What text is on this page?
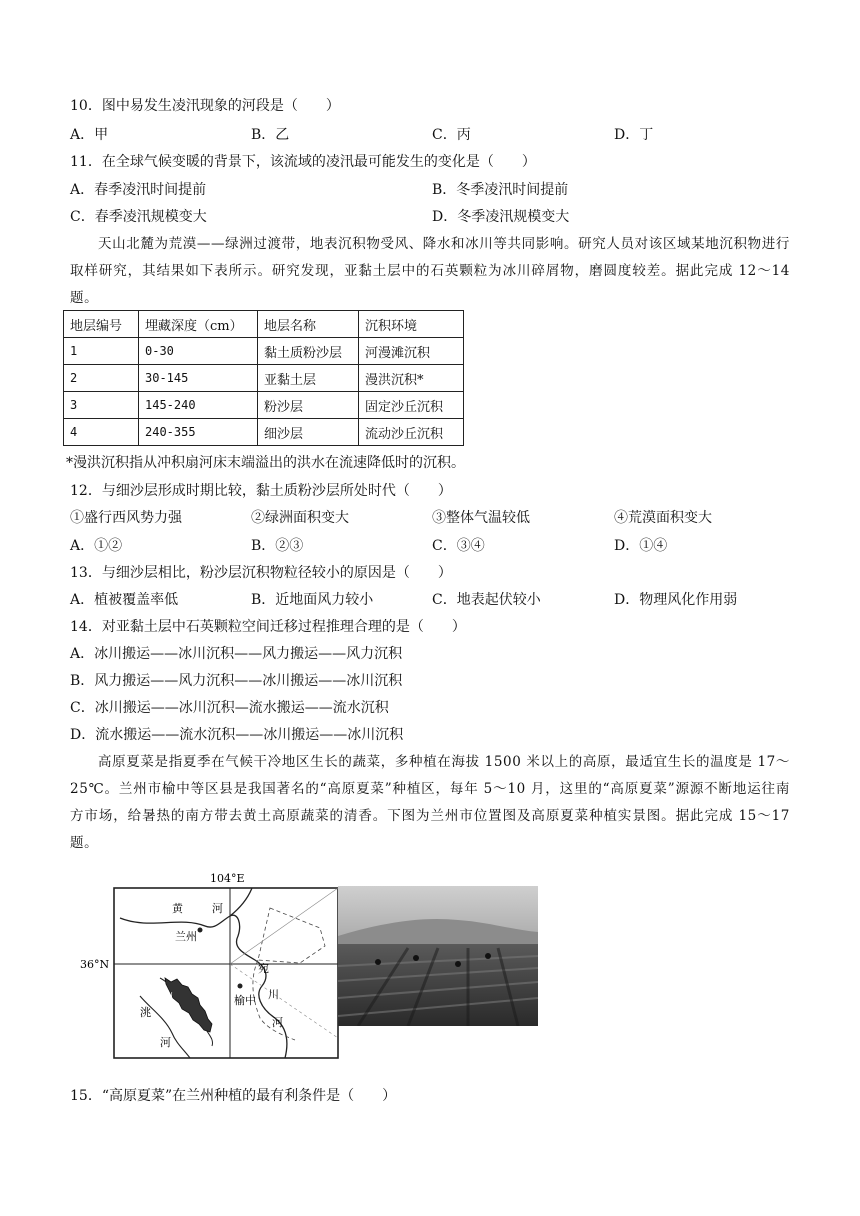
10．图中易发生凌汛现象的河段是（　　）
A．甲	B．乙	C．丙	D．丁
11．在全球气候变暖的背景下，该流域的凌汛最可能发生的变化是（　　）
A．春季凌汛时间提前	B．冬季凌汛时间提前
C．春季凌汛规模变大	D．冬季凌汛规模变大
天山北麓为荒漠——绿洲过渡带，地表沉积物受风、降水和冰川等共同影响。研究人员对该区域某地沉积物进行取样研究，其结果如下表所示。研究发现，亚黏土层中的石英颗粒为冰川碎屑物，磨圆度较差。据此完成 12～14 题。
地层编号	埋藏深度（cm）	地层名称	沉积环境
1	0-30	黏土质粉沙层	河漫滩沉积
2	30-145	亚黏土层	漫洪沉积*
3	145-240	粉沙层	固定沙丘沉积
4	240-355	细沙层	流动沙丘沉积
*漫洪沉积指从冲积扇河床末端溢出的洪水在流速降低时的沉积。
12．与细沙层形成时期比较，黏土质粉沙层所处时代（　　）
①盛行西风势力强	②绿洲面积变大	③整体气温较低	④荒漠面积变大
A．①②	B．②③	C．③④	D．①④
13．与细沙层相比，粉沙层沉积物粒径较小的原因是（　　）
A．植被覆盖率低	B．近地面风力较小	C．地表起伏较小	D．物理风化作用弱
14．对亚黏土层中石英颗粒空间迁移过程推理合理的是（　　）
A．冰川搬运——冰川沉积——风力搬运——风力沉积
B．风力搬运——风力沉积——冰川搬运——冰川沉积
C．冰川搬运——冰川沉积—流水搬运——流水沉积
D．流水搬运——流水沉积——冰川搬运——冰川沉积
高原夏菜是指夏季在气候干冷地区生长的蔬菜，多种植在海拔 1500 米以上的高原，最适宜生长的温度是 17～25℃。兰州市榆中等区县是我国著名的“高原夏菜”种植区，每年 5～10 月，这里的“高原夏菜”源源不断地运往南方市场，给暑热的南方带去黄土高原蔬菜的清香。下图为兰州市位置图及高原夏菜种植实景图。据此完成 15～17 题。
104°E
36°N
黄	河
兰州
榆中
宛
川
河
洮
河
马衔山
15．“高原夏菜”在兰州种植的最有利条件是（　　）
